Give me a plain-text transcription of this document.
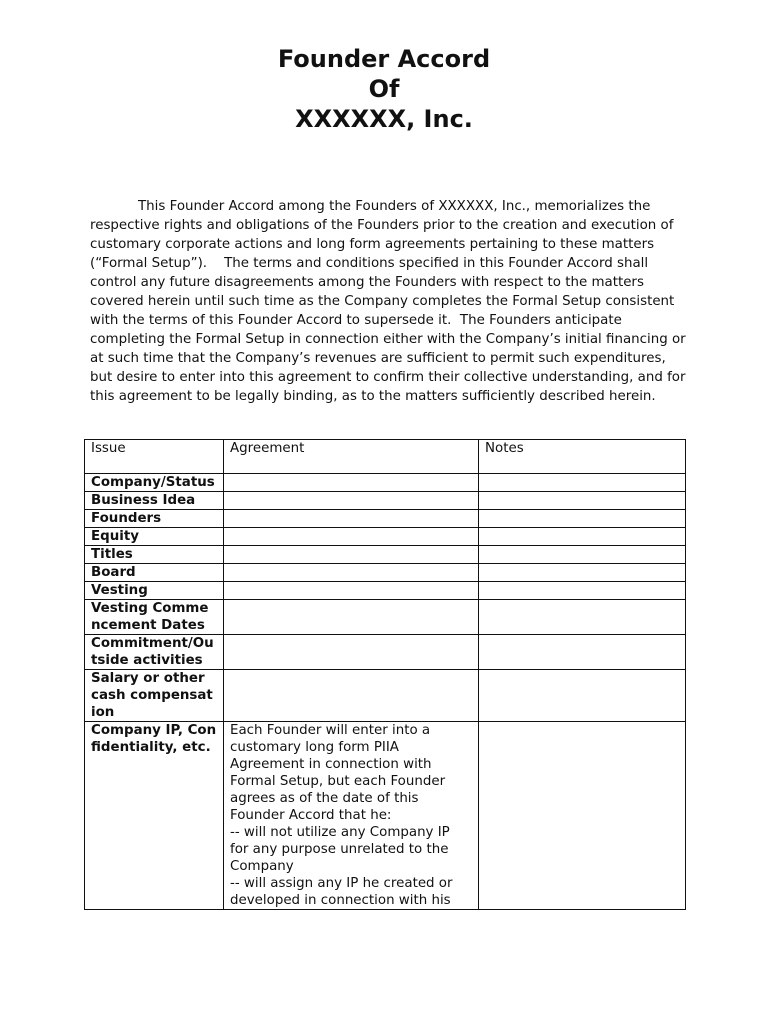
Founder Accord
Of
XXXXXX, Inc.

This Founder Accord among the Founders of XXXXXX, Inc., memorializes the respective rights and obligations of the Founders prior to the creation and execution of customary corporate actions and long form agreements pertaining to these matters (“Formal Setup”).    The terms and conditions specified in this Founder Accord shall control any future disagreements among the Founders with respect to the matters covered herein until such time as the Company completes the Formal Setup consistent with the terms of this Founder Accord to supersede it.  The Founders anticipate completing the Formal Setup in connection either with the Company’s initial financing or at such time that the Company’s revenues are sufficient to permit such expenditures, but desire to enter into this agreement to confirm their collective understanding, and for this agreement to be legally binding, as to the matters sufficiently described herein.

Issue	Agreement	Notes
Company/Status		
Business Idea		
Founders		
Equity		
Titles		
Board		
Vesting		
Vesting Commencement Dates		
Commitment/Outside activities		
Salary or other cash compensation		
Company IP, Confidentiality, etc.	Each Founder will enter into a customary long form PIIA Agreement in connection with Formal Setup, but each Founder agrees as of the date of this Founder Accord that he:
-- will not utilize any Company IP for any purpose unrelated to the Company
-- will assign any IP he created or developed in connection with his	
